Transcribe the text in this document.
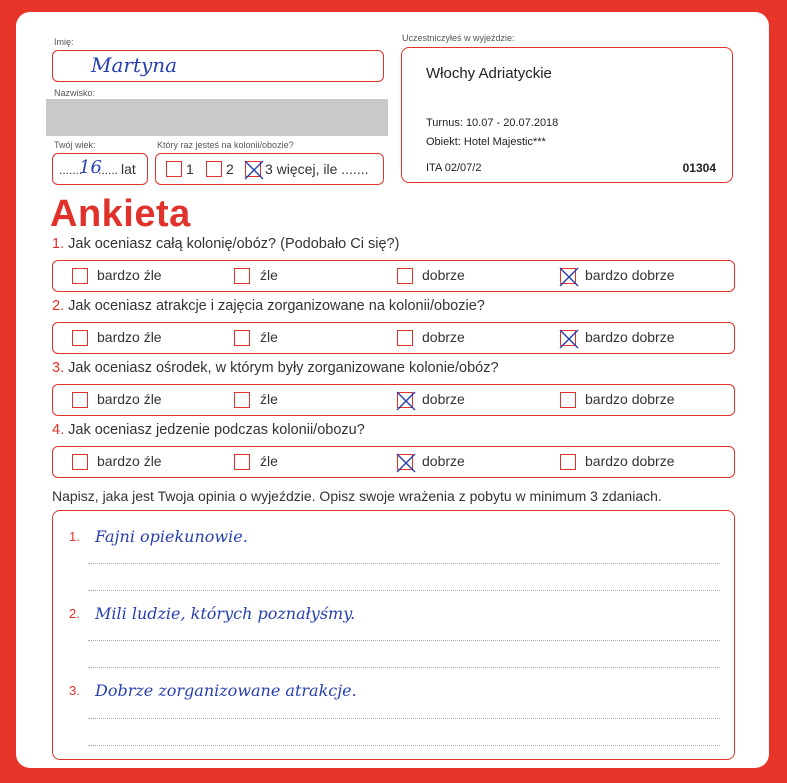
Imię:
Martyna
Nazwisko:
Twój wiek:
.......
16
...... lat
Który raz jesteś na kolonii/obozie?
1 2 3 więcej, ile .......
Uczestniczyłeś w wyjeździe:
Włochy Adriatyckie
Turnus: 10.07 - 20.07.2018
Obiekt: Hotel Majestic***
ITA 02/07/2	01304
Ankieta
1. Jak oceniasz całą kolonię/obóz? (Podobało Ci się?)
bardzo źle	źle	dobrze	bardzo dobrze
2. Jak oceniasz atrakcje i zajęcia zorganizowane na kolonii/obozie?
bardzo źle	źle	dobrze	bardzo dobrze
3. Jak oceniasz ośrodek, w którym były zorganizowane kolonie/obóz?
bardzo źle	źle	dobrze	bardzo dobrze
4. Jak oceniasz jedzenie podczas kolonii/obozu?
bardzo źle	źle	dobrze	bardzo dobrze
Napisz, jaka jest Twoja opinia o wyjeździe. Opisz swoje wrażenia z pobytu w minimum 3 zdaniach.
1. Fajni opiekunowie.
2. Mili ludzie, których poznałyśmy.
3. Dobrze zorganizowane atrakcje.
